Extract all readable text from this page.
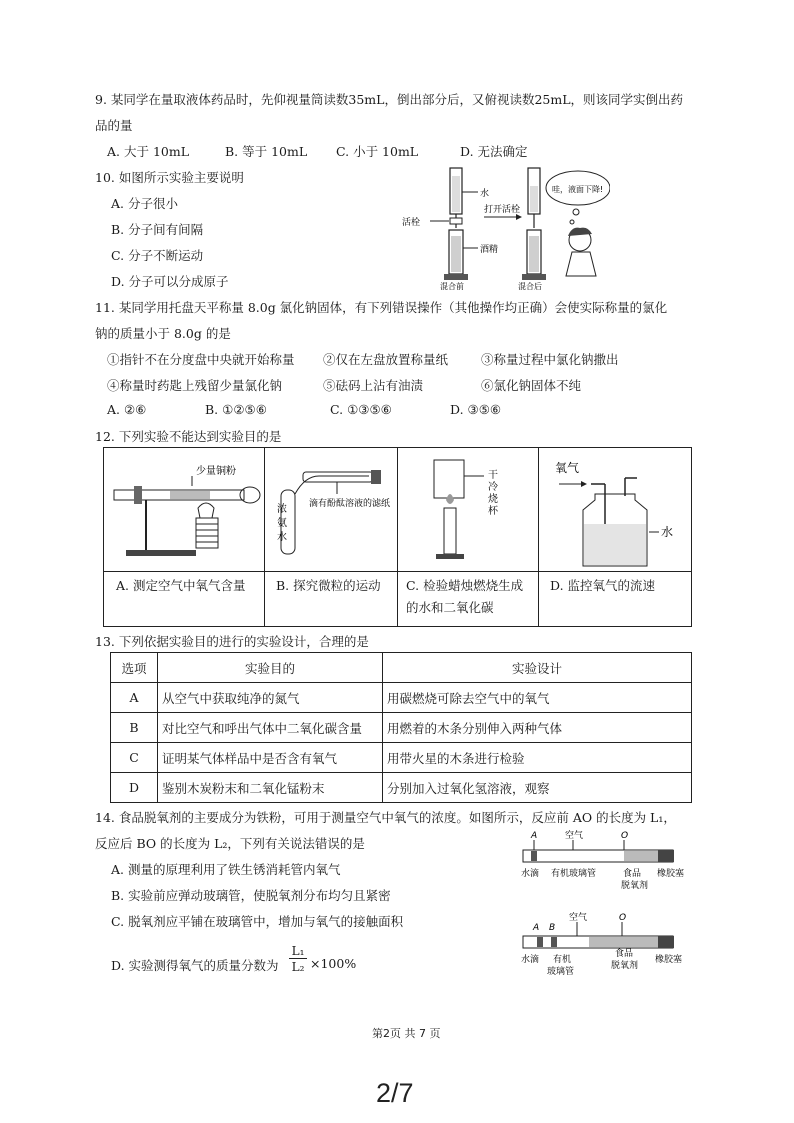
9. 某同学在量取液体药品时，先仰视量筒读数35mL，倒出部分后，又俯视读数25mL，则该同学实倒出药
品的量
A. 大于 10mL	B. 等于 10mL C. 小于 10mL	D. 无法确定
10. 如图所示实验主要说明
A. 分子很小
B. 分子间有间隔
C. 分子不断运动
D. 分子可以分成原子
水
活栓
酒精
混合前
打开活栓
混合后
哇，液面下降!
11. 某同学用托盘天平称量 8.0g 氯化钠固体，有下列错误操作（其他操作均正确）会使实际称量的氯化
钠的质量小于 8.0g 的是
①指针不在分度盘中央就开始称量 ②仅在左盘放置称量纸	③称量过程中氯化钠撒出
④称量时药匙上残留少量氯化钠	⑤砝码上沾有油渍	⑥氯化钠固体不纯
A. ②⑥	B. ①②⑤⑥	C. ①③⑤⑥	D. ③⑤⑥
12. 下列实验不能达到实验目的是
少量铜粉
浓 氨 水
滴有酚酞溶液的滤纸
干 冷 烧 杯
氧气
水
A. 测定空气中氧气含量 B. 探究微粒的运动 C. 检验蜡烛燃烧生成的水和二氧化碳
D. 监控氧气的流速
13. 下列依据实验目的进行的实验设计，合理的是
选项	实验目的	实验设计
A	从空气中获取纯净的氮气	用碳燃烧可除去空气中的氧气
B	对比空气和呼出气体中二氧化碳含量	用燃着的木条分别伸入两种气体
C	证明某气体样品中是否含有氧气	用带火星的木条进行检验
D	鉴别木炭粉末和二氧化锰粉末	分别加入过氧化氢溶液，观察
14. 食品脱氧剂的主要成分为铁粉，可用于测量空气中氧气的浓度。如图所示，反应前 AO 的长度为 L₁，
反应后 BO 的长度为 L₂，下列有关说法错误的是
A. 测量的原理利用了铁生锈消耗管内氧气
B. 实验前应弹动玻璃管，使脱氧剂分布均匀且紧密
C. 脱氧剂应平铺在玻璃管中，增加与氧气的接触面积
D. 实验测得氧气的质量分数为 $\frac{\text{L₁}}{\text{L₂}} \times 100\%$
A	空气	O
水滴 有机玻璃管	食品
脱氧剂
橡胶塞
A B
空气	O
水滴 有机
玻璃管
食品
脱氧剂
橡胶塞
第2页 共 7 页
2/7
